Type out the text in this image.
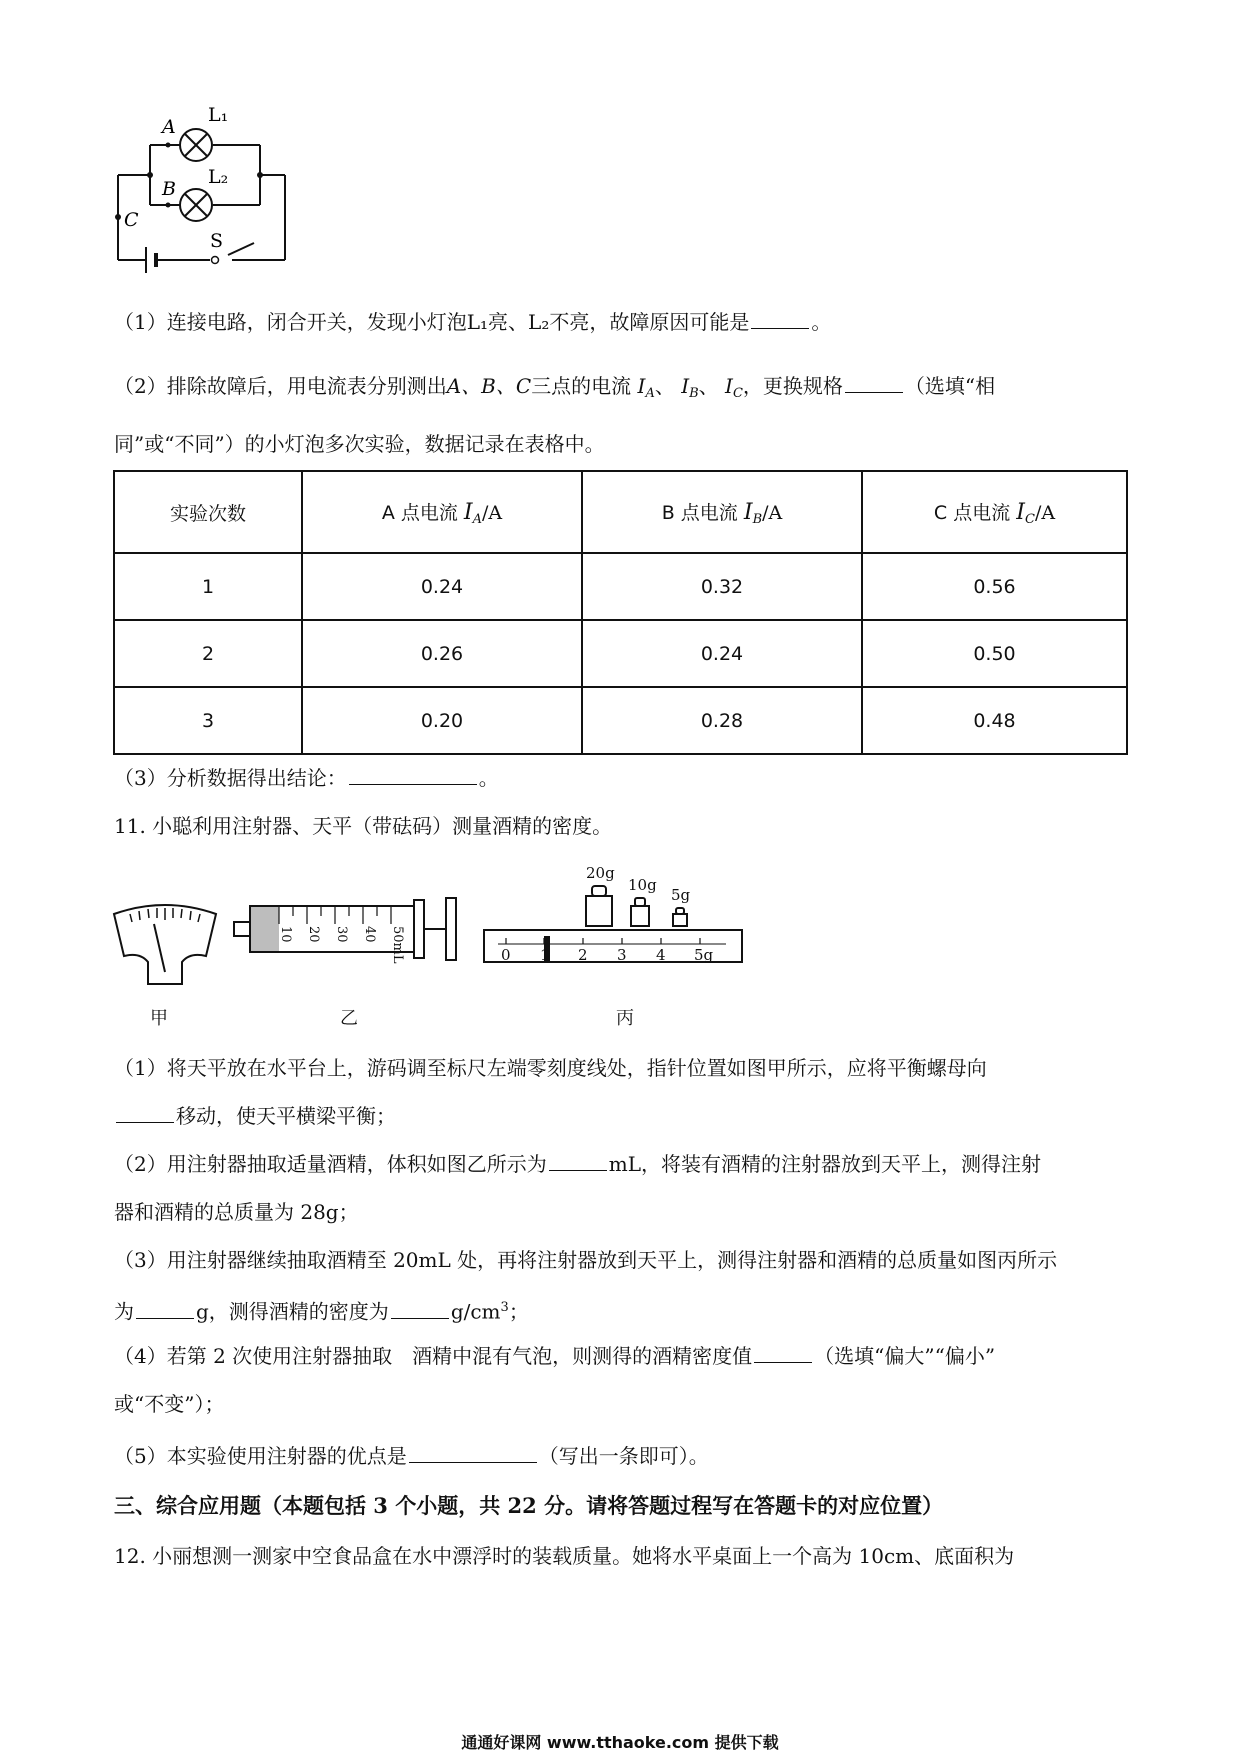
A
B
C
L₁
L₂
S
（1）连接电路，闭合开关，发现小灯泡L₁亮、L₂不亮，故障原因可能是	。
（2）排除故障后，用电流表分别测出A、B、C三点的电流 $I_A$、 $I_B$、 $I_C$，更换规格	（选填“相
同”或“不同”）的小灯泡多次实验，数据记录在表格中。
实验次数	A 点电流 $I_A/A$	B 点电流 $I_B/A$	C 点电流 $I_C/A$
1	0.24	0.32	0.56
2	0.26	0.24	0.50
3	0.20	0.28	0.48
（3）分析数据得出结论：	。
11. 小聪利用注射器、天平（带砝码）测量酒精的密度。
10 20 30 40 50mL
20g
10g
5g
0 1 2 3 4 5g
甲	乙	丙
（1）将天平放在水平台上，游码调至标尺左端零刻度线处，指针位置如图甲所示，应将平衡螺母向
移动，使天平横梁平衡；
（2）用注射器抽取适量酒精，体积如图乙所示为	mL，将装有酒精的注射器放到天平上，测得注射
器和酒精的总质量为 28g；
（3）用注射器继续抽取酒精至 20mL 处，再将注射器放到天平上，测得注射器和酒精的总质量如图丙所示
为	g，测得酒精的密度为	$g/cm^3$；
（4）若第 2 次使用注射器抽取　酒精中混有气泡，则测得的酒精密度值	（选填“偏大”“偏小”
或“不变”）；
（5）本实验使用注射器的优点是	（写出一条即可）。
三、综合应用题（本题包括 3 个小题，共 22 分。请将答题过程写在答题卡的对应位置）
12. 小丽想测一测家中空食品盒在水中漂浮时的装载质量。她将水平桌面上一个高为 10cm、底面积为
通通好课网 www.tthaoke.com 提供下载
